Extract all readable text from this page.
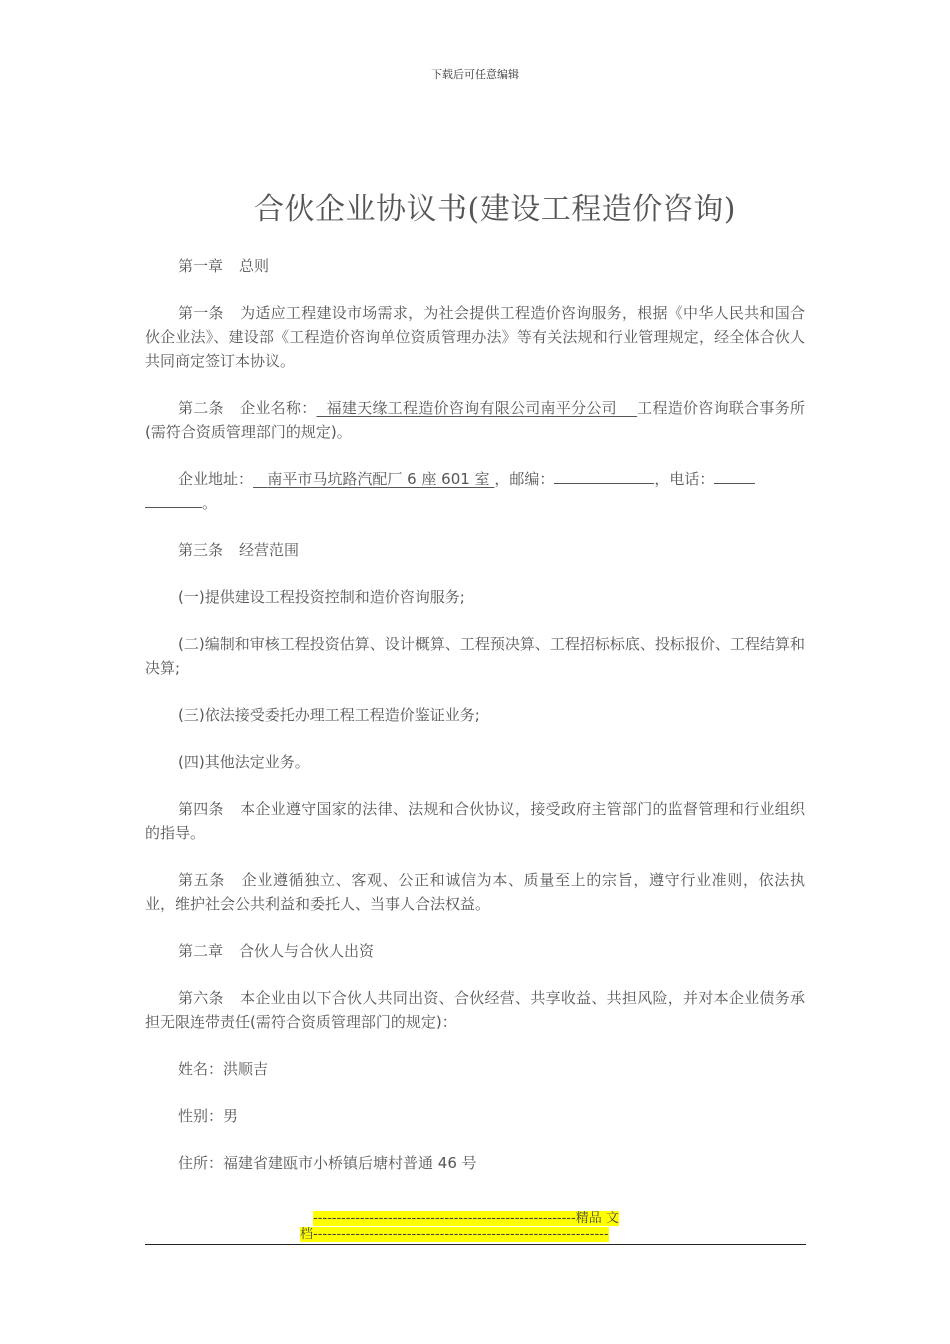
下载后可任意编辑
合伙企业协议书(建设工程造价咨询)

第一章 总则

第一条 为适应工程建设市场需求，为社会提供工程造价咨询服务，根据《中华人民共和国合伙企业法》、建设部《工程造价咨询单位资质管理办法》等有关法规和行业管理规定，经全体合伙人共同商定签订本协议。

第二条 企业名称： 福建天缘工程造价咨询有限公司南平分公司 工程造价咨询联合事务所(需符合资质管理部门的规定)。

企业地址： 南平市马坑路汽配厂 6 座 601 室 ，邮编：	，电话：
。

第三条 经营范围

(一)提供建设工程投资控制和造价咨询服务;

(二)编制和审核工程投资估算、设计概算、工程预决算、工程招标标底、投标报价、工程结算和决算;

(三)依法接受委托办理工程工程造价鉴证业务;

(四)其他法定业务。

第四条 本企业遵守国家的法律、法规和合伙协议，接受政府主管部门的监督管理和行业组织的指导。

第五条 企业遵循独立、客观、公正和诚信为本、质量至上的宗旨，遵守行业准则，依法执业，维护社会公共利益和委托人、当事人合法权益。

第二章 合伙人与合伙人出资

第六条 本企业由以下合伙人共同出资、合伙经营、共享收益、共担风险，并对本企业债务承担无限连带责任(需符合资质管理部门的规定)：

姓名：洪顺吉

性别：男

住所：福建省建瓯市小桥镇后塘村普通 46 号

--------------------------------------------------------精品 文
档---------------------------------------------------------------
